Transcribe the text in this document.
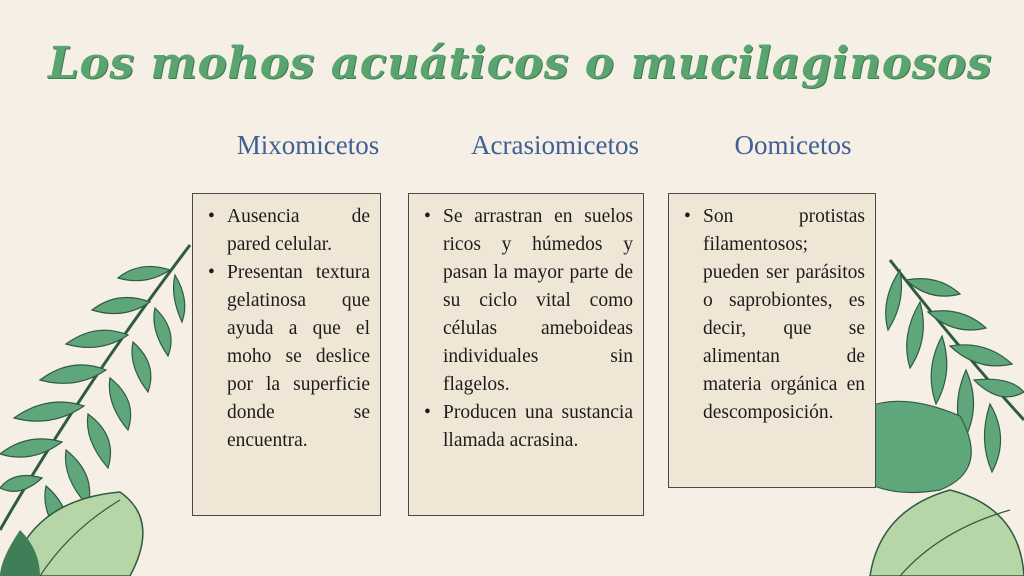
Los mohos acuáticos o mucilaginosos
Mixomicetos	Acrasiomicetos	Oomicetos
• Ausencia de pared celular.
• Presentan textura gelatinosa que ayuda a que el moho se deslice por la superficie donde se encuentra.
• Se arrastran en suelos ricos y húmedos y pasan la mayor parte de su ciclo vital como células ameboideas individuales sin flagelos.
• Producen una sustancia llamada acrasina.
• Son protistas filamentosos; pueden ser parásitos o saprobiontes, es decir, que se alimentan de materia orgánica en descomposición.
